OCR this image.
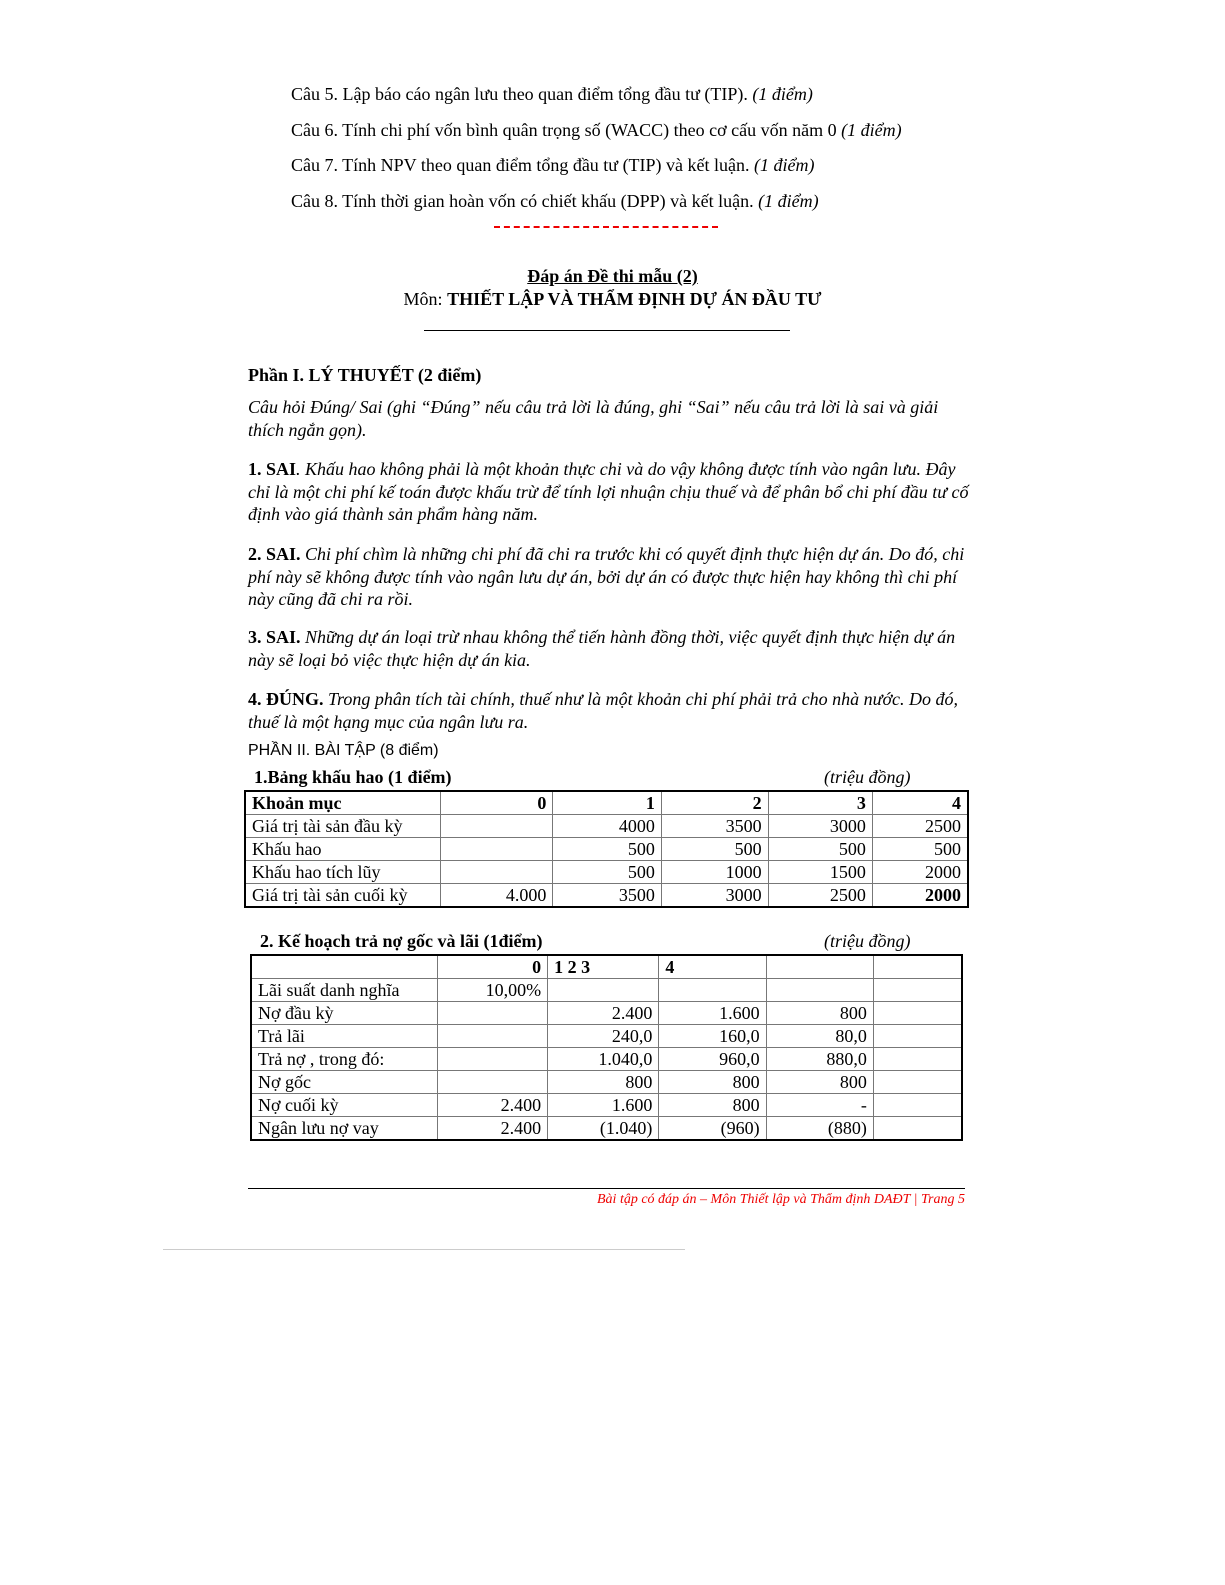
Câu 5. Lập báo cáo ngân lưu theo quan điểm tổng đầu tư (TIP). (1 điểm)
Câu 6. Tính chi phí vốn bình quân trọng số (WACC) theo cơ cấu vốn năm 0 (1 điểm)
Câu 7. Tính NPV theo quan điểm tổng đầu tư (TIP) và kết luận. (1 điểm)
Câu 8. Tính thời gian hoàn vốn có chiết khấu (DPP) và kết luận. (1 điểm)
Đáp án Đề thi mẫu (2)
Môn: THIẾT LẬP VÀ THẨM ĐỊNH DỰ ÁN ĐẦU TƯ
Phần I. LÝ THUYẾT (2 điểm)
Câu hỏi Đúng/ Sai (ghi “Đúng” nếu câu trả lời là đúng, ghi “Sai” nếu câu trả lời là sai và giải thích ngắn gọn).
1. SAI. Khấu hao không phải là một khoản thực chi và do vậy không được tính vào ngân lưu. Đây chỉ là một chi phí kế toán được khấu trừ để tính lợi nhuận chịu thuế và để phân bổ chi phí đầu tư cố định vào giá thành sản phẩm hàng năm.
2. SAI. Chi phí chìm là những chi phí đã chi ra trước khi có quyết định thực hiện dự án. Do đó, chi phí này sẽ không được tính vào ngân lưu dự án, bởi dự án có được thực hiện hay không thì chi phí này cũng đã chi ra rồi.
3. SAI. Những dự án loại trừ nhau không thể tiến hành đồng thời, việc quyết định thực hiện dự án này sẽ loại bỏ việc thực hiện dự án kia.
4. ĐÚNG. Trong phân tích tài chính, thuế như là một khoản chi phí phải trả cho nhà nước. Do đó, thuế là một hạng mục của ngân lưu ra.
PHẦN II. BÀI TẬP (8 điểm)
1.Bảng khấu hao (1 điểm)	(triệu đồng)
Khoản mục	0	1	2	3	4
Giá trị tài sản đầu kỳ		4000	3500	3000	2500
Khấu hao		500	500	500	500
Khấu hao tích lũy		500	1000	1500	2000
Giá trị tài sản cuối kỳ	4.000	3500	3000	2500	2000
2. Kế hoạch trả nợ gốc và lãi (1điểm)	(triệu đồng)
	0	1 2 3	4		
Lãi suất danh nghĩa	10,00%				
Nợ đầu kỳ		2.400	1.600	800	
Trả lãi		240,0	160,0	80,0	
Trả nợ , trong đó:		1.040,0	960,0	880,0	
Nợ gốc		800	800	800	
Nợ cuối kỳ	2.400	1.600	800	-	
Ngân lưu nợ vay	2.400	(1.040)	(960)	(880)	
Bài tập có đáp án – Môn Thiết lập và Thẩm định DAĐT | Trang 5
